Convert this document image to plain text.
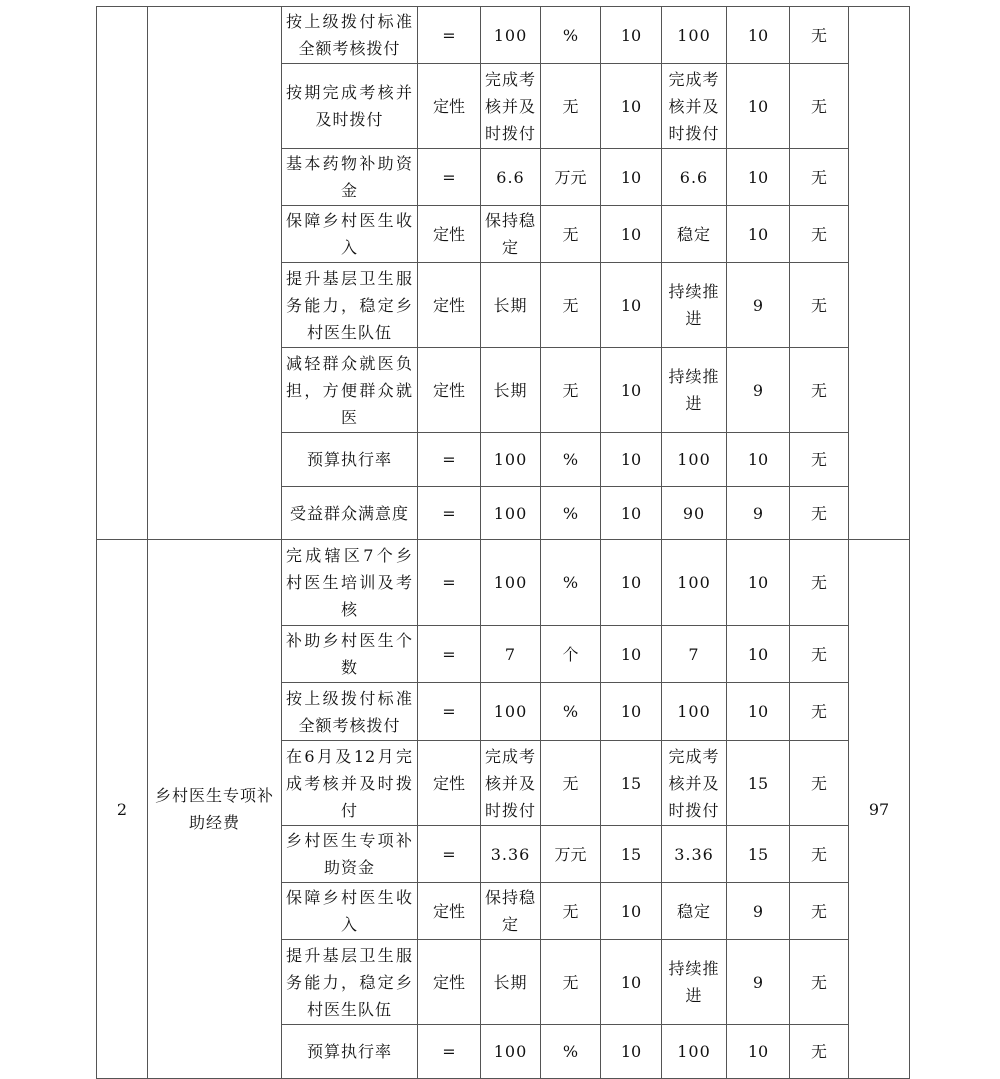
		按上级拨付标准全额考核拨付	=	100	%	10	100	10	无	
		按期完成考核并及时拨付	定性	完成考核并及时拨付	无	10	完成考核并及时拨付	10	无	
		基本药物补助资金	=	6.6	万元	10	6.6	10	无	
		保障乡村医生收入	定性	保持稳定	无	10	稳定	10	无	
		提升基层卫生服务能力，稳定乡村医生队伍	定性	长期	无	10	持续推进	9	无	
		减轻群众就医负担，方便群众就医	定性	长期	无	10	持续推进	9	无	
		预算执行率	=	100	%	10	100	10	无	
		受益群众满意度	=	100	%	10	90	9	无	
2	乡村医生专项补助经费	完成辖区7个乡村医生培训及考核	=	100	%	10	100	10	无	97
		补助乡村医生个数	=	7	个	10	7	10	无	
		按上级拨付标准全额考核拨付	=	100	%	10	100	10	无	
		在6月及12月完成考核并及时拨付	定性	完成考核并及时拨付	无	15	完成考核并及时拨付	15	无	
		乡村医生专项补助资金	=	3.36	万元	15	3.36	15	无	
		保障乡村医生收入	定性	保持稳定	无	10	稳定	9	无	
		提升基层卫生服务能力，稳定乡村医生队伍	定性	长期	无	10	持续推进	9	无	
		预算执行率	=	100	%	10	100	10	无	
